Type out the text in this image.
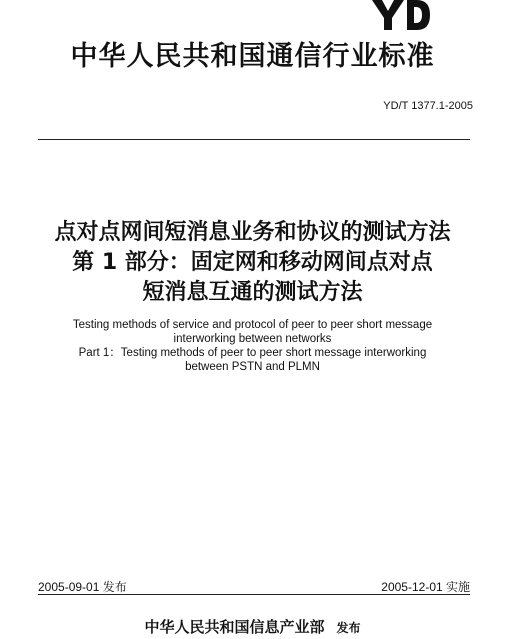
中华人民共和国通信行业标准
YD/T 1377.1-2005
点对点网间短消息业务和协议的测试方法
第 1 部分：固定网和移动网间点对点
短消息互通的测试方法
Testing methods of service and protocol of peer to peer short message
interworking between networks
Part 1：Testing methods of peer to peer short message interworking
between PSTN and PLMN
2005-09-01 发布	2005-12-01 实施
中华人民共和国信息产业部 发布
